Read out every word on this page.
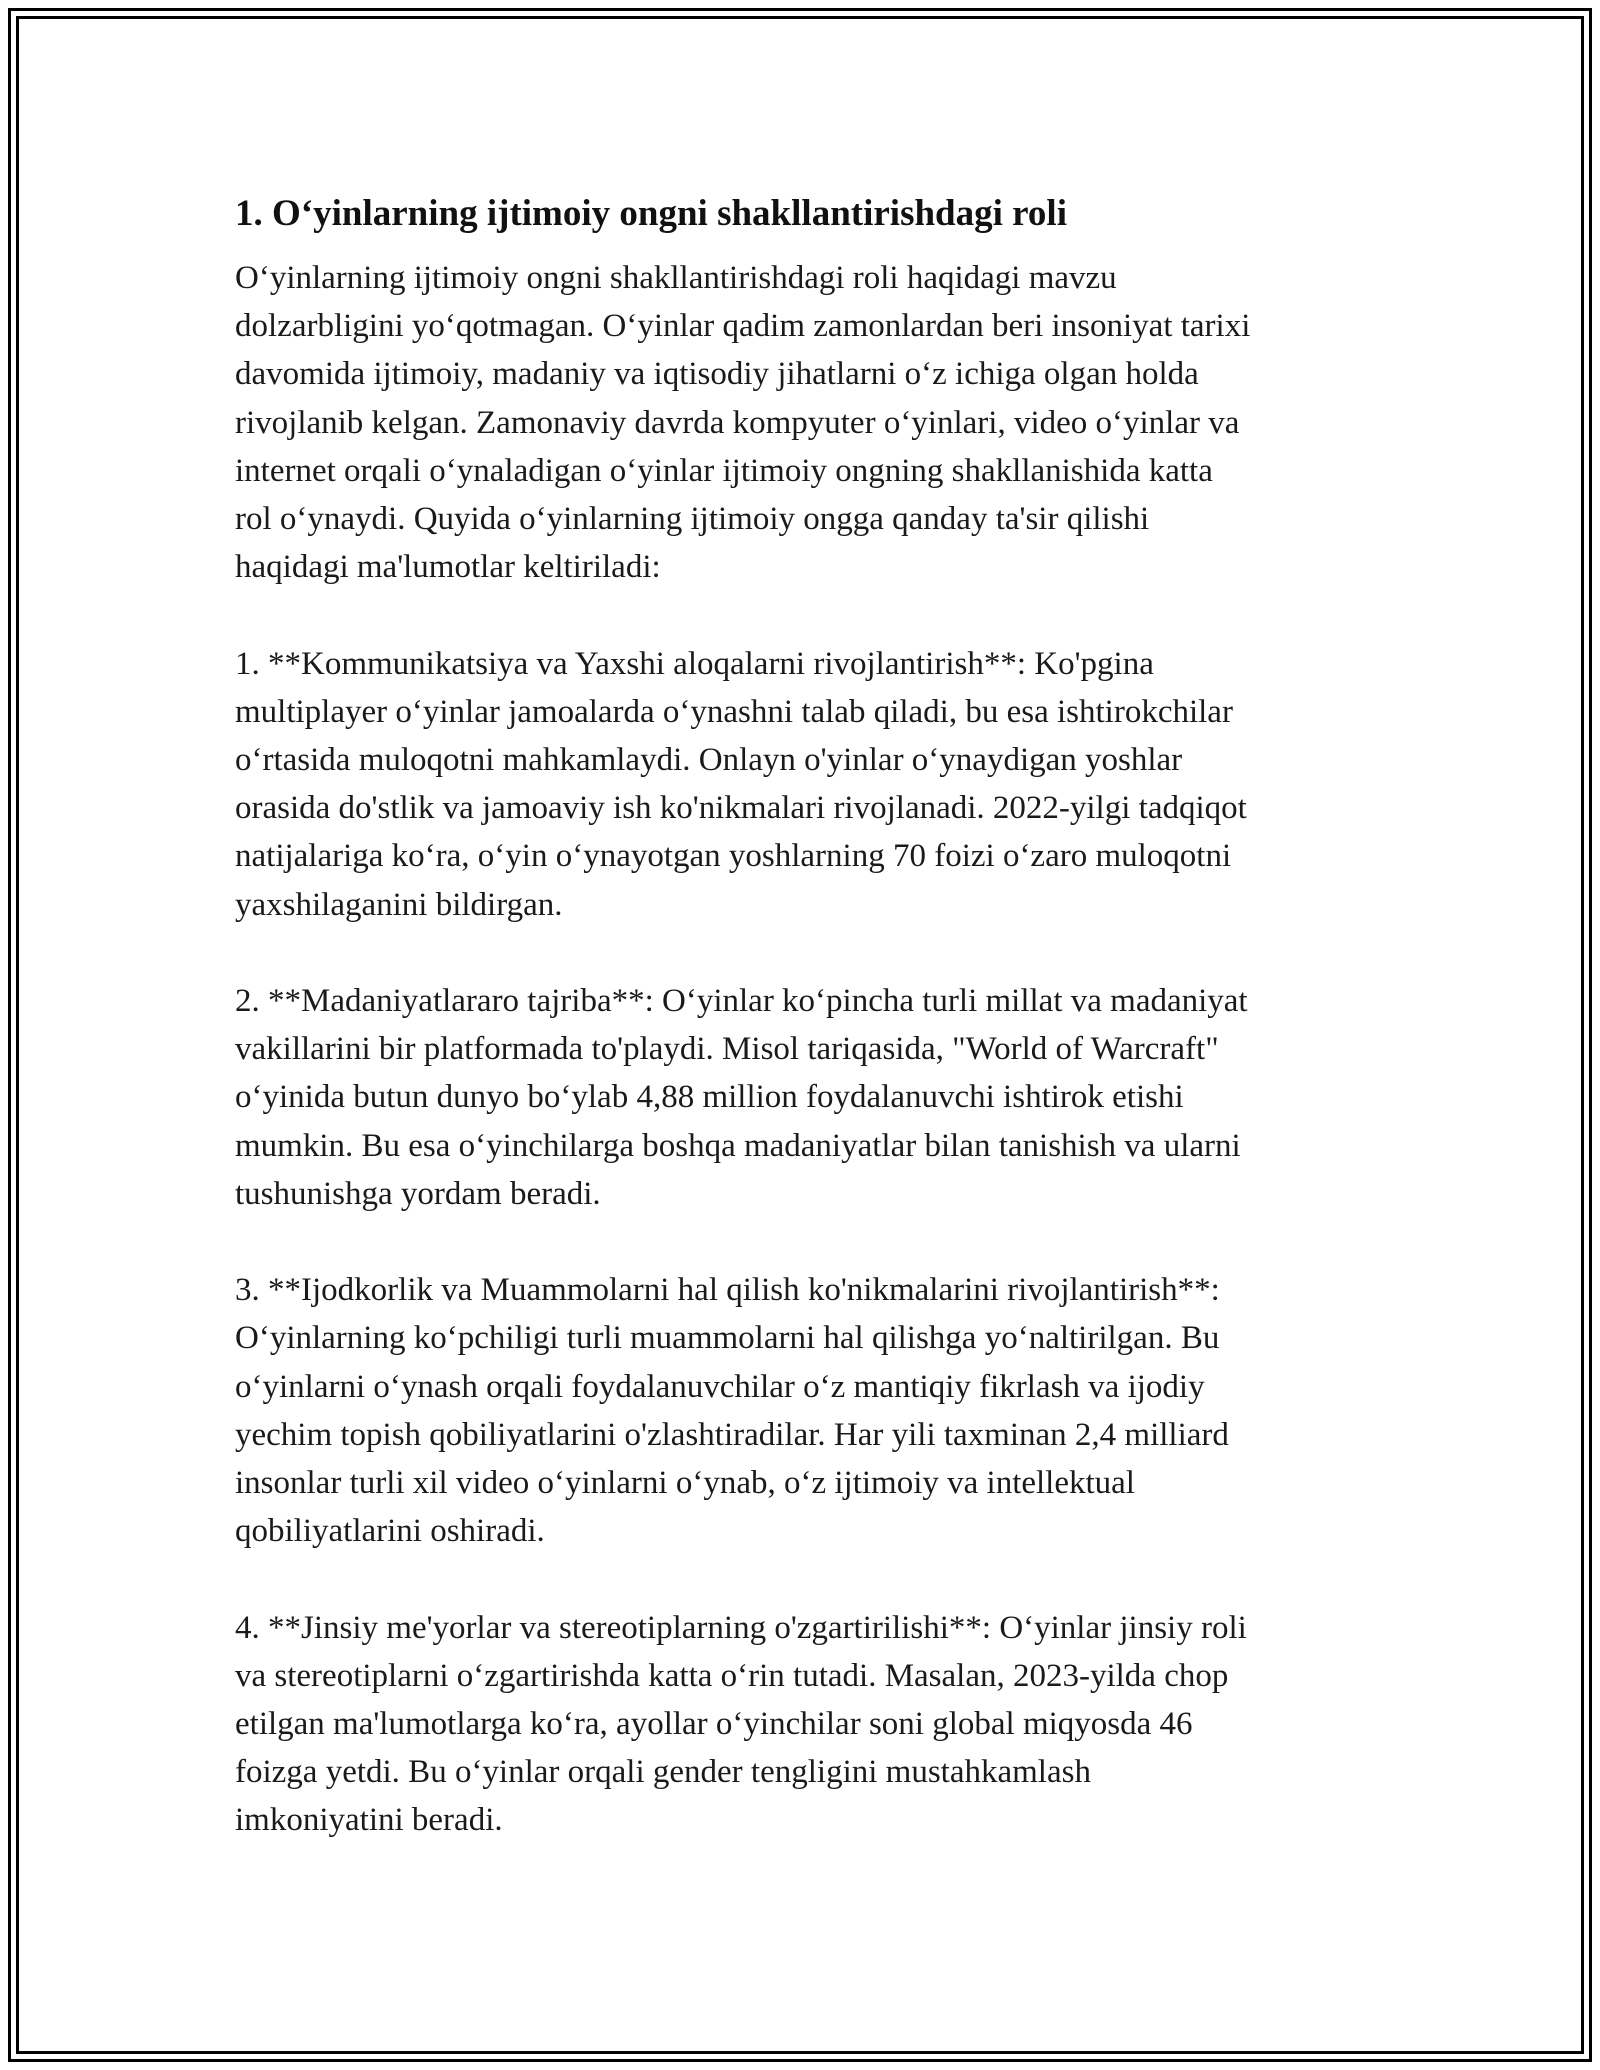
1. O‘yinlarning ijtimoiy ongni shakllantirishdagi roli

O‘yinlarning ijtimoiy ongni shakllantirishdagi roli haqidagi mavzu
dolzarbligini yo‘qotmagan. O‘yinlar qadim zamonlardan beri insoniyat tarixi
davomida ijtimoiy, madaniy va iqtisodiy jihatlarni o‘z ichiga olgan holda
rivojlanib kelgan. Zamonaviy davrda kompyuter o‘yinlari, video o‘yinlar va
internet orqali o‘ynaladigan o‘yinlar ijtimoiy ongning shakllanishida katta
rol o‘ynaydi. Quyida o‘yinlarning ijtimoiy ongga qanday ta'sir qilishi
haqidagi ma'lumotlar keltiriladi:

1. **Kommunikatsiya va Yaxshi aloqalarni rivojlantirish**: Ko'pgina
multiplayer o‘yinlar jamoalarda o‘ynashni talab qiladi, bu esa ishtirokchilar
o‘rtasida muloqotni mahkamlaydi. Onlayn o'yinlar o‘ynaydigan yoshlar
orasida do'stlik va jamoaviy ish ko'nikmalari rivojlanadi. 2022-yilgi tadqiqot
natijalariga ko‘ra, o‘yin o‘ynayotgan yoshlarning 70 foizi o‘zaro muloqotni
yaxshilaganini bildirgan.

2. **Madaniyatlararo tajriba**: O‘yinlar ko‘pincha turli millat va madaniyat
vakillarini bir platformada to'playdi. Misol tariqasida, "World of Warcraft"
o‘yinida butun dunyo bo‘ylab 4,88 million foydalanuvchi ishtirok etishi
mumkin. Bu esa o‘yinchilarga boshqa madaniyatlar bilan tanishish va ularni
tushunishga yordam beradi.

3. **Ijodkorlik va Muammolarni hal qilish ko'nikmalarini rivojlantirish**:
O‘yinlarning ko‘pchiligi turli muammolarni hal qilishga yo‘naltirilgan. Bu
o‘yinlarni o‘ynash orqali foydalanuvchilar o‘z mantiqiy fikrlash va ijodiy
yechim topish qobiliyatlarini o'zlashtiradilar. Har yili taxminan 2,4 milliard
insonlar turli xil video o‘yinlarni o‘ynab, o‘z ijtimoiy va intellektual
qobiliyatlarini oshiradi.

4. **Jinsiy me'yorlar va stereotiplarning o'zgartirilishi**: O‘yinlar jinsiy roli
va stereotiplarni o‘zgartirishda katta o‘rin tutadi. Masalan, 2023-yilda chop
etilgan ma'lumotlarga ko‘ra, ayollar o‘yinchilar soni global miqyosda 46
foizga yetdi. Bu o‘yinlar orqali gender tengligini mustahkamlash
imkoniyatini beradi.
